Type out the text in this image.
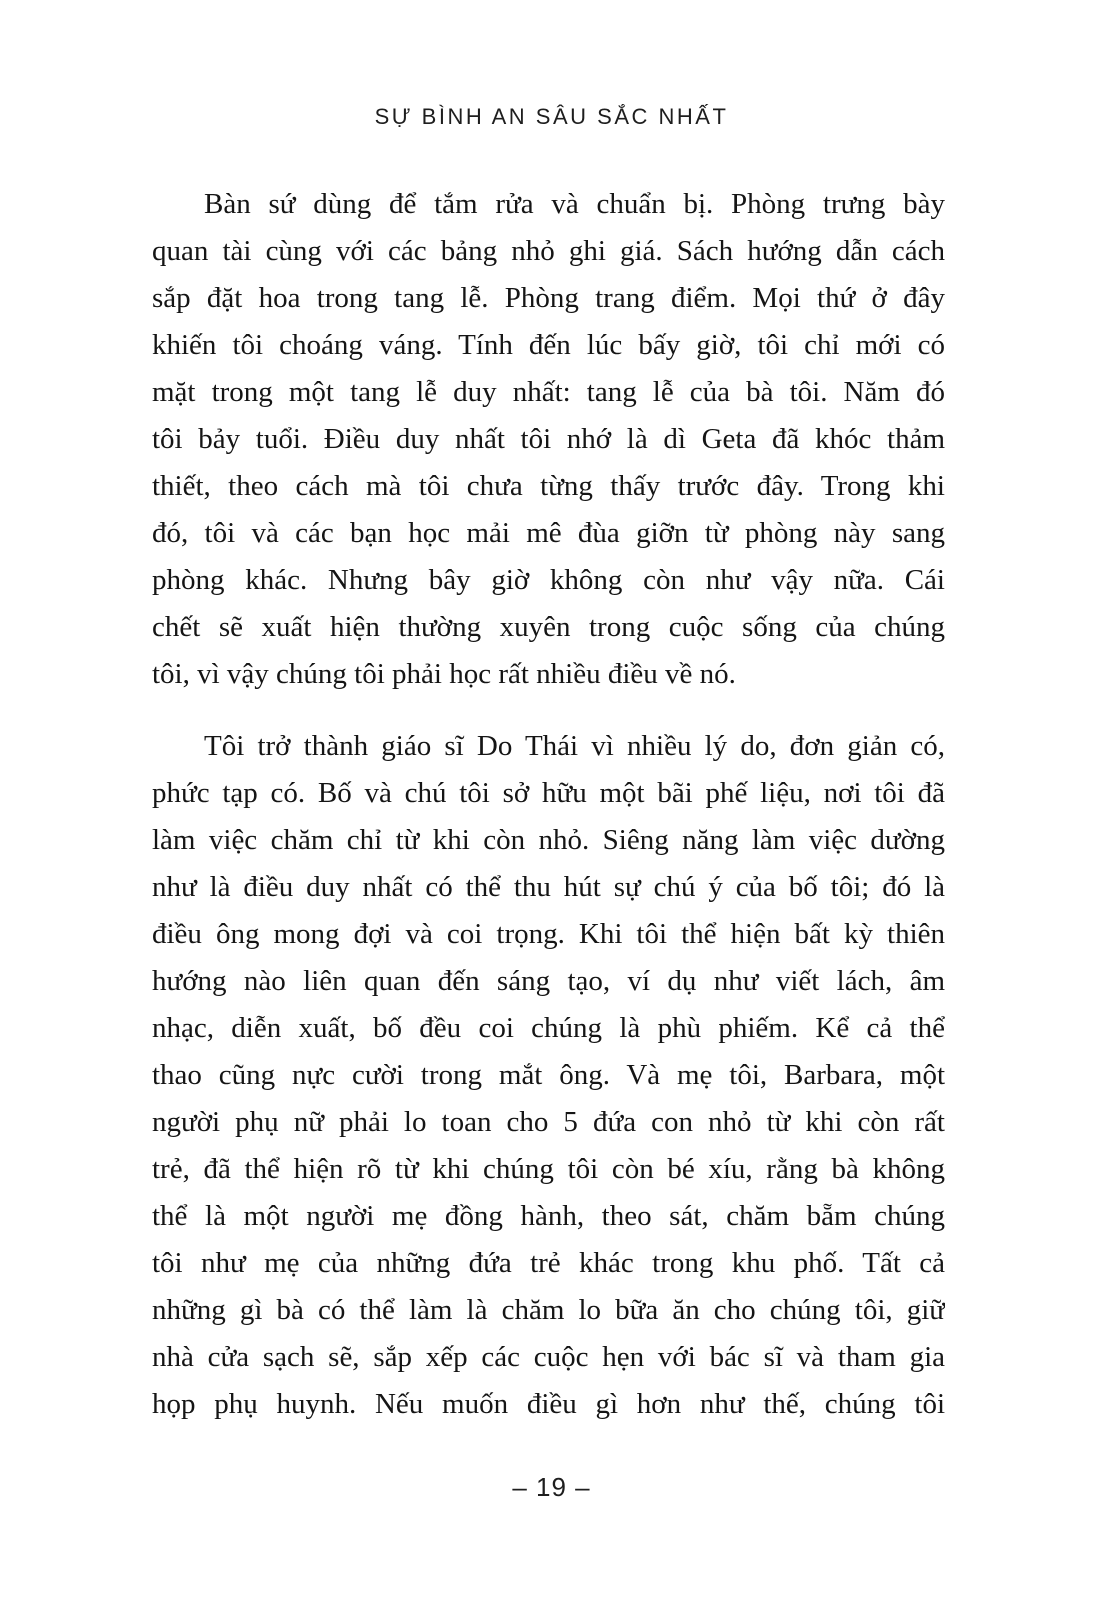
SỰ BÌNH AN SÂU SẮC NHẤT
Bàn sứ dùng để tắm rửa và chuẩn bị. Phòng trưng bày
quan tài cùng với các bảng nhỏ ghi giá. Sách hướng dẫn cách
sắp đặt hoa trong tang lễ. Phòng trang điểm. Mọi thứ ở đây
khiến tôi choáng váng. Tính đến lúc bấy giờ, tôi chỉ mới có
mặt trong một tang lễ duy nhất: tang lễ của bà tôi. Năm đó
tôi bảy tuổi. Điều duy nhất tôi nhớ là dì Geta đã khóc thảm
thiết, theo cách mà tôi chưa từng thấy trước đây. Trong khi
đó, tôi và các bạn học mải mê đùa giỡn từ phòng này sang
phòng khác. Nhưng bây giờ không còn như vậy nữa. Cái
chết sẽ xuất hiện thường xuyên trong cuộc sống của chúng
tôi, vì vậy chúng tôi phải học rất nhiều điều về nó.
Tôi trở thành giáo sĩ Do Thái vì nhiều lý do, đơn giản có,
phức tạp có. Bố và chú tôi sở hữu một bãi phế liệu, nơi tôi đã
làm việc chăm chỉ từ khi còn nhỏ. Siêng năng làm việc dường
như là điều duy nhất có thể thu hút sự chú ý của bố tôi; đó là
điều ông mong đợi và coi trọng. Khi tôi thể hiện bất kỳ thiên
hướng nào liên quan đến sáng tạo, ví dụ như viết lách, âm
nhạc, diễn xuất, bố đều coi chúng là phù phiếm. Kể cả thể
thao cũng nực cười trong mắt ông. Và mẹ tôi, Barbara, một
người phụ nữ phải lo toan cho 5 đứa con nhỏ từ khi còn rất
trẻ, đã thể hiện rõ từ khi chúng tôi còn bé xíu, rằng bà không
thể là một người mẹ đồng hành, theo sát, chăm bẵm chúng
tôi như mẹ của những đứa trẻ khác trong khu phố. Tất cả
những gì bà có thể làm là chăm lo bữa ăn cho chúng tôi, giữ
nhà cửa sạch sẽ, sắp xếp các cuộc hẹn với bác sĩ và tham gia
họp phụ huynh. Nếu muốn điều gì hơn như thế, chúng tôi
– 19 –
